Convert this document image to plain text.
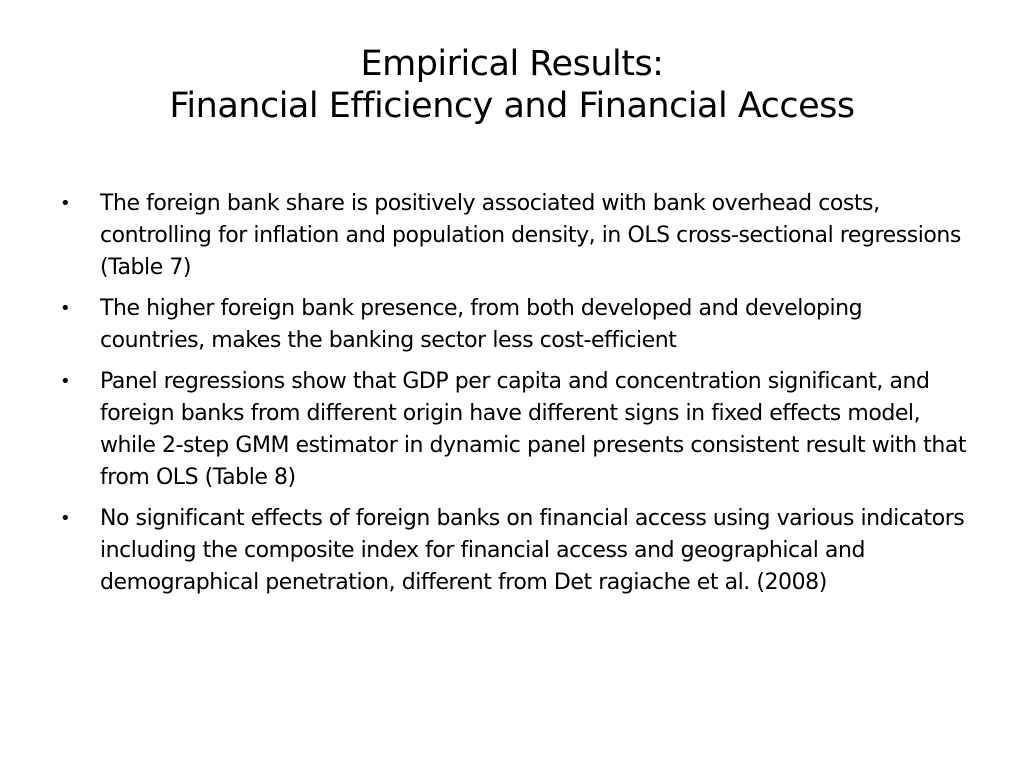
Empirical Results:
Financial Efficiency and Financial Access
• The foreign bank share is positively associated with bank overhead costs, controlling for inflation and population density, in OLS cross-sectional regressions (Table 7)
• The higher foreign bank presence, from both developed and developing countries, makes the banking sector less cost-efficient
• Panel regressions show that GDP per capita and concentration significant, and foreign banks from different origin have different signs in fixed effects model, while 2-step GMM estimator in dynamic panel presents consistent result with that from OLS (Table 8)
• No significant effects of foreign banks on financial access using various indicators including the composite index for financial access and geographical and demographical penetration, different from Det ragiache et al. (2008)
